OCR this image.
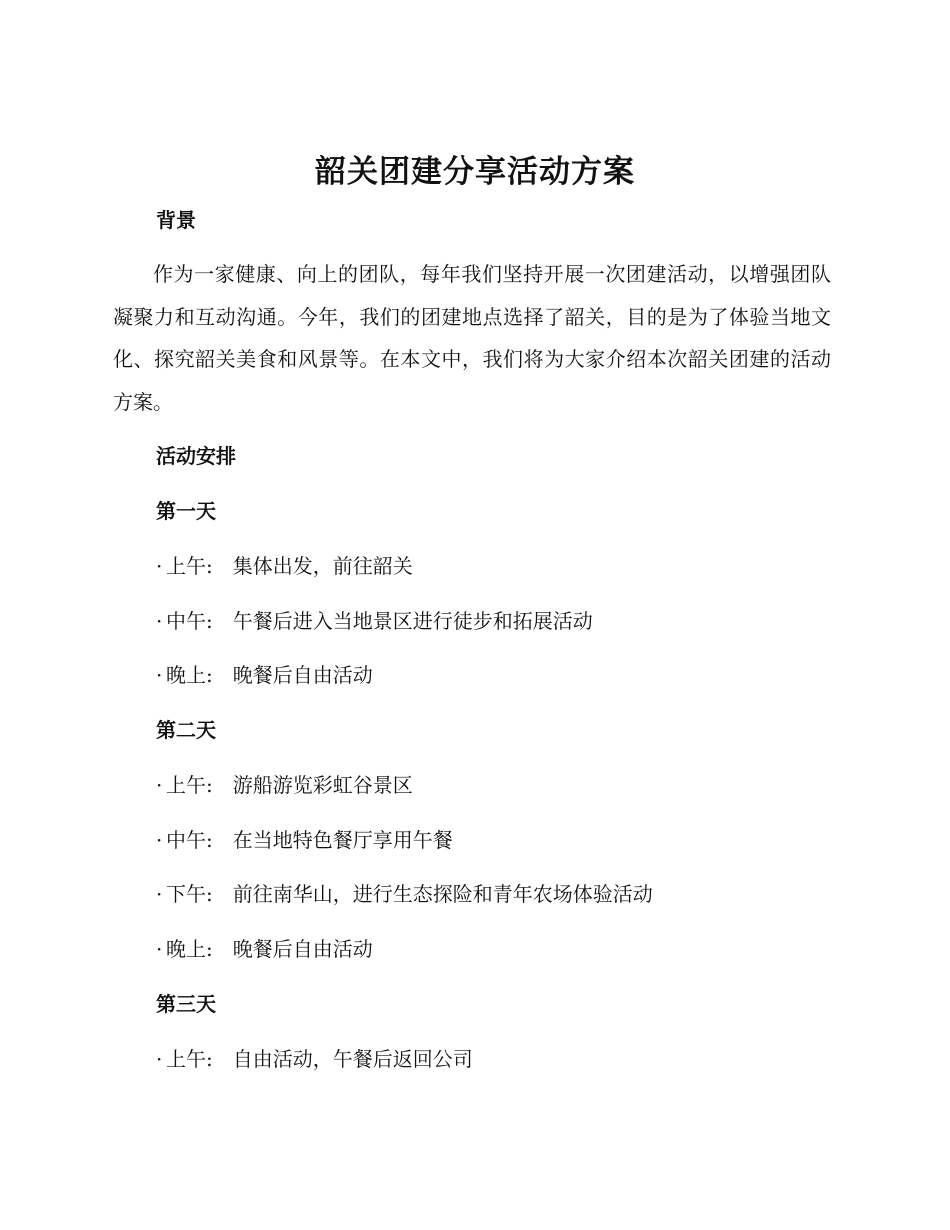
韶关团建分享活动方案
背景
作为一家健康、向上的团队，每年我们坚持开展一次团建活动，以增强团队凝聚力和互动沟通。今年，我们的团建地点选择了韶关，目的是为了体验当地文化、探究韶关美食和风景等。在本文中，我们将为大家介绍本次韶关团建的活动方案。
活动安排
第一天
· 上午: 集体出发，前往韶关
· 中午: 午餐后进入当地景区进行徒步和拓展活动
· 晚上: 晚餐后自由活动
第二天
· 上午: 游船游览彩虹谷景区
· 中午: 在当地特色餐厅享用午餐
· 下午: 前往南华山，进行生态探险和青年农场体验活动
· 晚上: 晚餐后自由活动
第三天
· 上午: 自由活动，午餐后返回公司
